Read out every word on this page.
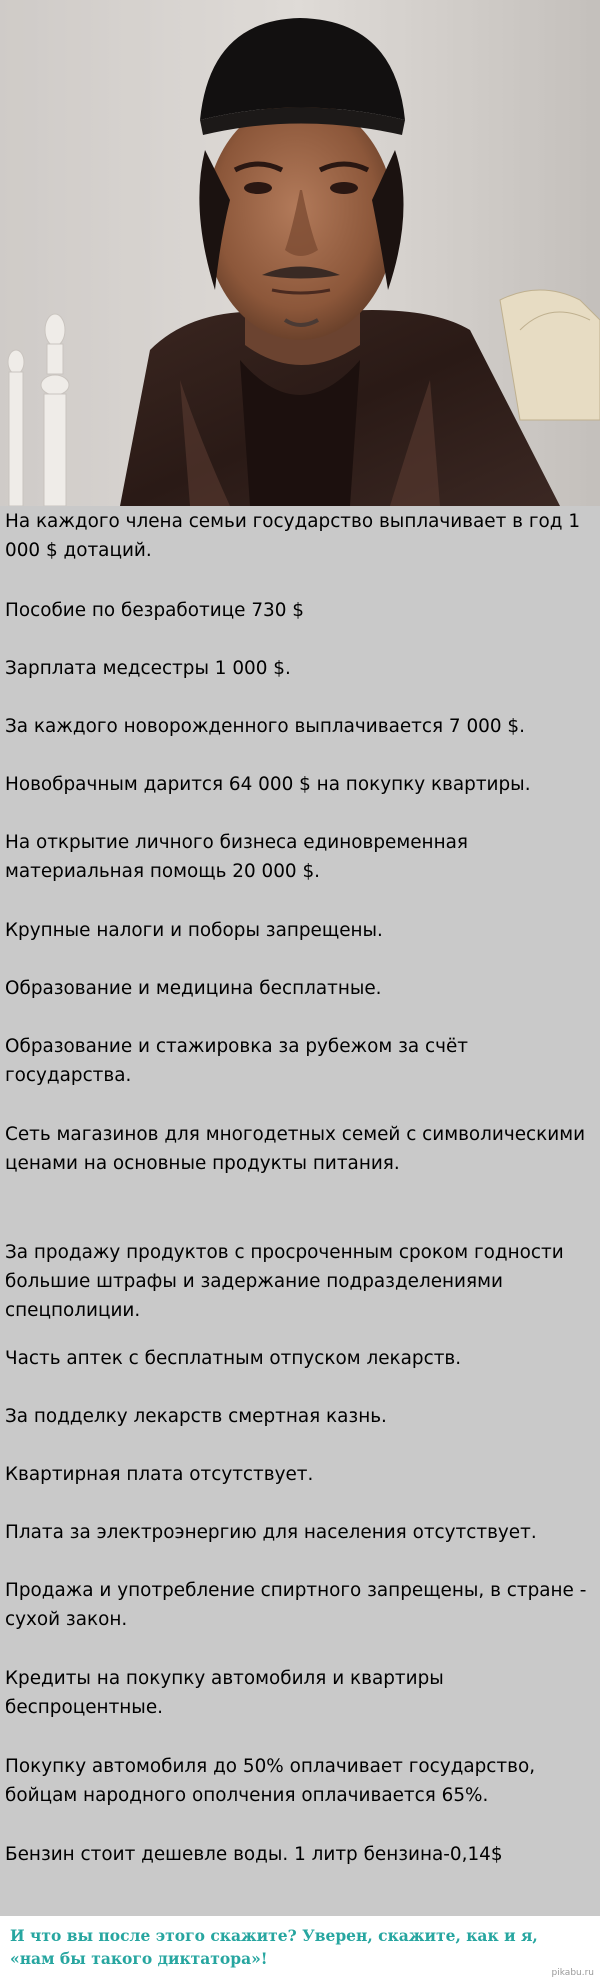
На каждого члена семьи государство выплачивает в год 1 000 $ дотаций.
Пособие по безработице 730 $
Зарплата медсестры 1 000 $.
За каждого новорожденного выплачивается 7 000 $.
Новобрачным дарится 64 000 $ на покупку квартиры.
На открытие личного бизнеса единовременная материальная помощь 20 000 $.
Крупные налоги и поборы запрещены.
Образование и медицина бесплатные.
Образование и стажировка за рубежом за счёт государства.
Сеть магазинов для многодетных семей с символическими ценами на основные продукты питания.
За продажу продуктов с просроченным сроком годности большие штрафы и задержание подразделениями спецполиции.
Часть аптек с бесплатным отпуском лекарств.
За подделку лекарств смертная казнь.
Квартирная плата отсутствует.
Плата за электроэнергию для населения отсутствует.
Продажа и употребление спиртного запрещены, в стране - сухой закон.
Кредиты на покупку автомобиля и квартиры беспроцентные.
Покупку автомобиля до 50% оплачивает государство, бойцам народного ополчения оплачивается 65%.
Бензин стоит дешевле воды. 1 литр бензина-0,14$

И что вы после этого скажите? Уверен, скажите, как и я, «нам бы такого диктатора»!

pikabu.ru
